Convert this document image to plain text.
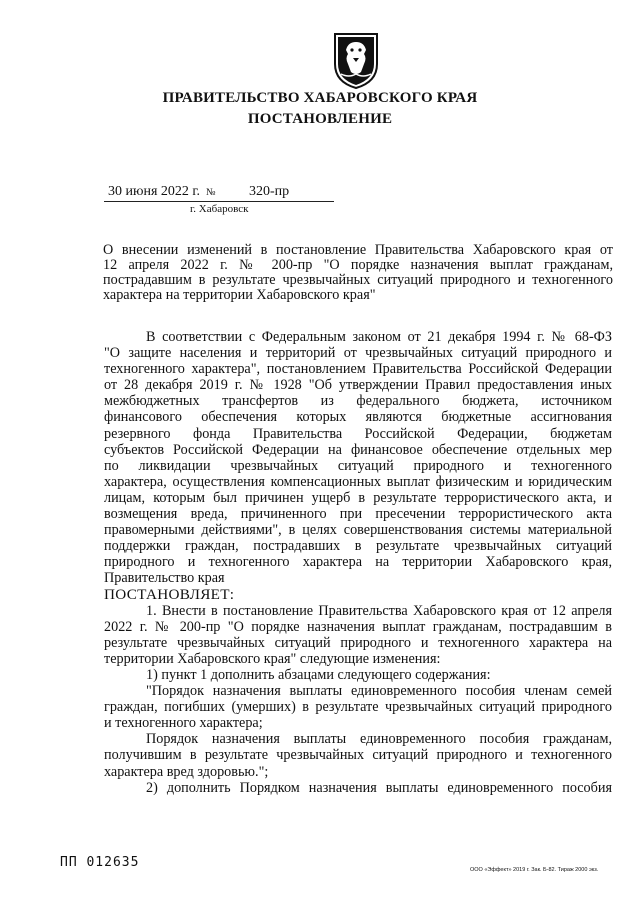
ПРАВИТЕЛЬСТВО ХАБАРОВСКОГО КРАЯ
ПОСТАНОВЛЕНИЕ
30 июня 2022 г. № 320-пр
г. Хабаровск
О внесении изменений в постановление Правительства Хабаровского края от
12 апреля 2022 г. № 200-пр "О порядке назначения выплат гражданам,
пострадавшим в результате чрезвычайных ситуаций природного и техногенного
характера на территории Хабаровского края"
В соответствии с Федеральным законом от 21 декабря 1994 г. № 68-ФЗ
"О защите населения и территорий от чрезвычайных ситуаций природного и
техногенного характера", постановлением Правительства Российской Федерации
от 28 декабря 2019 г. № 1928 "Об утверждении Правил предоставления иных
межбюджетных трансфертов из федерального бюджета, источником
финансового обеспечения которых являются бюджетные ассигнования
резервного фонда Правительства Российской Федерации, бюджетам
субъектов Российской Федерации на финансовое обеспечение отдельных мер
по ликвидации чрезвычайных ситуаций природного и техногенного
характера, осуществления компенсационных выплат физическим и юридическим
лицам, которым был причинен ущерб в результате террористического акта, и
возмещения вреда, причиненного при пресечении террористического акта
правомерными действиями", в целях совершенствования системы материальной
поддержки граждан, пострадавших в результате чрезвычайных ситуаций
природного и техногенного характера на территории Хабаровского края,
Правительство края
ПОСТАНОВЛЯЕТ:
1. Внести в постановление Правительства Хабаровского края от 12 апреля
2022 г. № 200-пр "О порядке назначения выплат гражданам, пострадавшим в
результате чрезвычайных ситуаций природного и техногенного характера на
территории Хабаровского края" следующие изменения:
1) пункт 1 дополнить абзацами следующего содержания:
"Порядок назначения выплаты единовременного пособия членам семей
граждан, погибших (умерших) в результате чрезвычайных ситуаций природного
и техногенного характера;
Порядок назначения выплаты единовременного пособия гражданам,
получившим в результате чрезвычайных ситуаций природного и техногенного
характера вред здоровью.";
2) дополнить Порядком назначения выплаты единовременного пособия
ПП 012635	ООО «Эффект» 2019 г. Зак. Б-82. Тираж 2000 экз.
